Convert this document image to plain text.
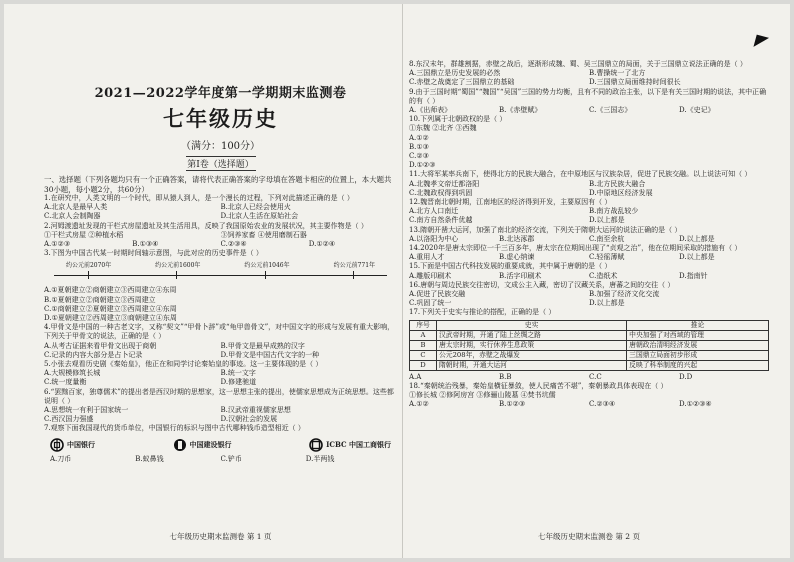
2021—2022学年度第一学期期末监测卷
七年级历史
（满分：100分）
第Ⅰ卷（选择题）
一、选择题（下列各题均只有一个正确答案，请将代表正确答案的字母填在答题卡相应的位置上，本大题共30小题，每小题2分，共60分）

1.在研究中，人类文明的一个时代，即从猿人到人，是一个漫长的过程，下列对此描述正确的是（ ）

A.北京人是最早人类	B.北京人已经会使用火
C.北京人会制陶器	D.北京人生活在原始社会

2.河姆渡遗址发现的干栏式房屋遗址及其生活用具，反映了我国原始农业的发展状况，其主要作物是（ ）

①干栏式房屋 ②种植水稻	③饲养家畜 ④使用磨制石器
A.①②③	B.①③④	C.②③④	D.①②④

3.下图为中国古代某一时期时间轴示意图，与此对应的历史事件是（ ）

约公元前2070年	约公元前1600年	约公元前1046年	约公元前771年
A.①夏朝建立②商朝建立③西周建立④东周
B.①夏朝建立②商朝建立③西周建立
C.①商朝建立②夏朝建立③西周建立④东周
D.①夏朝建立②西周建立③商朝建立④东周

4.甲骨文是中国的一种古老文字，又称“契文”“甲骨卜辞”或“龟甲兽骨文”，对中国文字的形成与发展有重大影响，下列关于甲骨文的说法，正确的是（ ）

A.从考古证据来看甲骨文出现于商朝	B.甲骨文是最早成熟的汉字
C.记录的内容大部分是占卜记录	D.甲骨文是中国古代文字的一种

5.小张去观看历史剧《秦始皇》，他正在和同学讨论秦始皇的事迹。这一主要体现的是（ ）

A.大规模修筑长城	B.统一文字
C.统一度量衡	D.修建驰道

6.“罢黜百家，独尊儒术”的提出者是西汉时期的思想家，这一思想主张的提出，使儒家思想成为正统思想。这些都说明（ ）

A.思想统一有利于国家统一	B.汉武帝重视儒家思想
C.西汉国力强盛	D.汉朝社会的发展

7.观察下面我国现代的货币单位，中国银行的标识与图中古代哪种钱币造型相近（ ）

中国银行	中国建设银行	ICBC 中国工商银行
A.刀币	B.蚁鼻钱	C.铲币	D.半两钱
七年级历史期末监测卷 第 1 页

8.东汉末年，群雄割据，赤壁之战后，逐渐形成魏、蜀、吴三国鼎立的局面，关于三国鼎立说法正确的是（ ）

A.三国鼎立是历史发展的必然	B.曹操统一了北方
C.赤壁之战奠定了三国鼎立的基础	D.三国鼎立局面维持时间很长

9.由于三国时期“蜀国”“魏国”“吴国”三国的势力均衡，且有不同的政治主张，以下是有关三国时期的说法，其中正确的有（ ）

A.《出师表》	B.《赤壁赋》	C.《三国志》	D.《史记》

10.下列属于北朝政权的是（ ）

①东魏 ②北齐 ③西魏
A.①②
B.①③
C.②③
D.①②③

11.大将军某率兵南下，使得北方的民族大融合，在中原地区与汉族杂居，促进了民族交融。以上说法可知（ ）

A.北魏孝文帝迁都洛阳	B.北方民族大融合
C.北魏政权得到巩固	D.中原地区经济发展

12.魏晋南北朝时期，江南地区的经济得到开发，主要原因有（ ）

A.北方人口南迁	B.南方战乱较少
C.南方自然条件优越	D.以上都是

13.隋朝开凿大运河，加强了南北的经济交流，下列关于隋朝大运河的说法正确的是（ ）

A.以洛阳为中心	B.北达涿郡	C.南至余杭	D.以上都是

14.2020年是唐太宗即位一千三百多年，唐太宗在位期间出现了“贞观之治”，他在位期间采取的措施有（ ）

A.重用人才	B.虚心纳谏	C.轻徭薄赋	D.以上都是

15.下面是中国古代科技发展的重要成就，其中属于唐朝的是（ ）

A.雕版印刷术	B.活字印刷术	C.造纸术	D.指南针

16.唐朝与周边民族交往密切，文成公主入藏，密切了汉藏关系，唐蕃之间的交往（ ）

A.促进了民族交融	B.加强了经济文化交流
C.巩固了统一	D.以上都是

17.下列关于史实与推论的搭配，正确的是（ ）

序号	史实	推论
A	汉武帝时期，开通了陆上丝绸之路	中央加强了对西域的管理
B	唐太宗时期，实行休养生息政策	唐朝政治清明经济发展
C	公元208年，赤壁之战爆发	三国鼎立局面初步形成
D	隋朝时期，开通大运河	反映了科举制度的兴起
A.A	B.B	C.C	D.D

18.“秦朝统治残暴，秦始皇横征暴敛，使人民痛苦不堪”，秦朝暴政具体表现在（ ）

①修长城 ②修阿房宫 ③修骊山陵墓 ④焚书坑儒
A.①②	B.①②③	C.②③④	D.①②③④
七年级历史期末监测卷 第 2 页
